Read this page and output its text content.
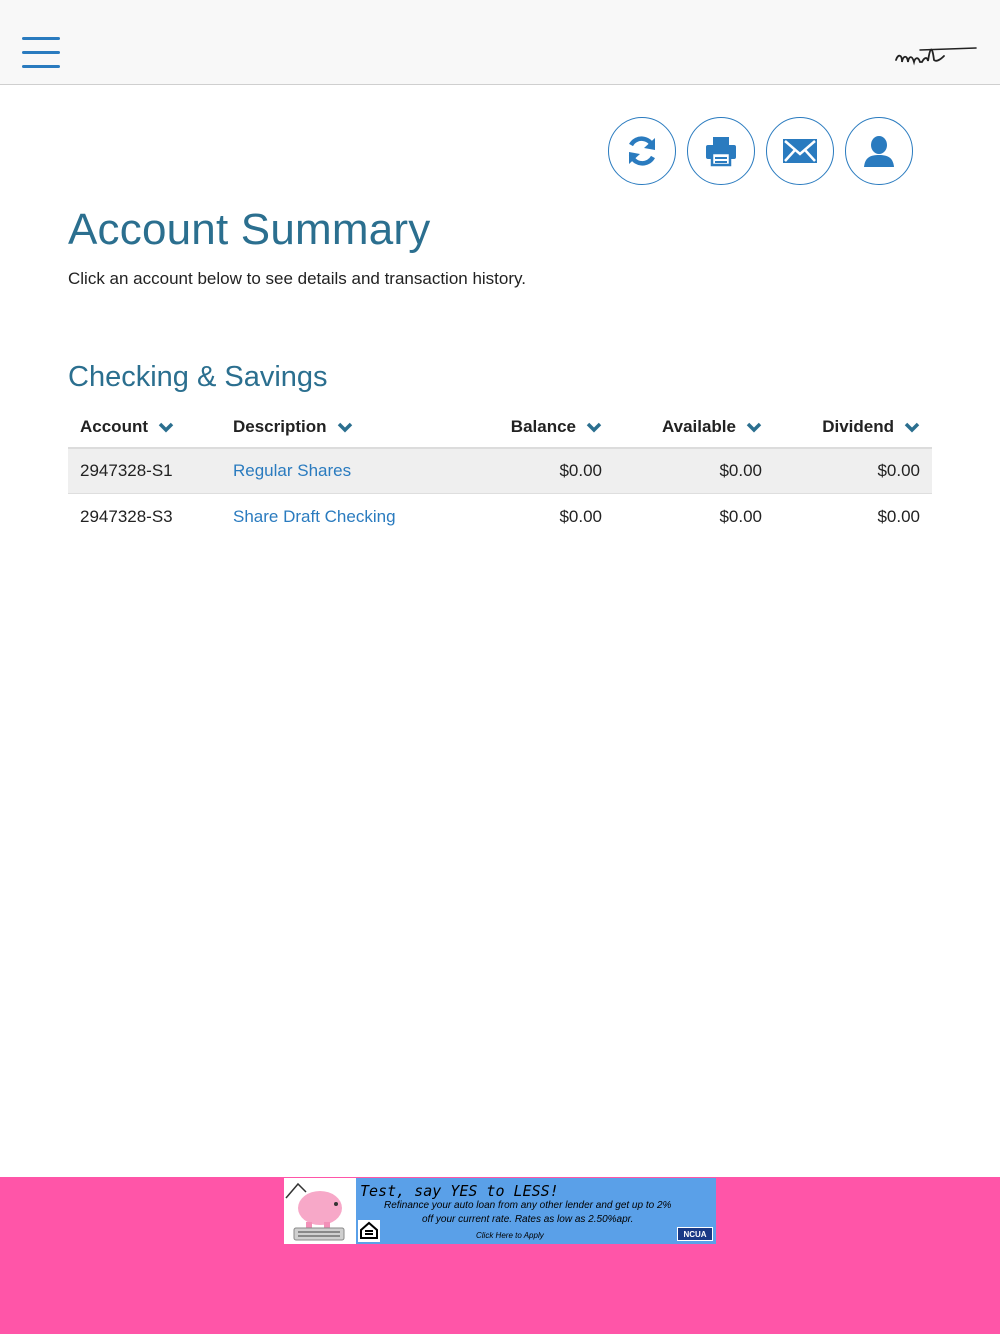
Account Summary

Click an account below to see details and transaction history.

Checking & Savings
Account	Description	Balance	Available	Dividend
2947328-S1	Regular Shares	$0.00	$0.00	$0.00
2947328-S3	Share Draft Checking	$0.00	$0.00	$0.00
Test, say YES to LESS!
Refinance your auto loan from any other lender and get up to 2%
off your current rate. Rates as low as 2.50%apr.
Click Here to Apply	NCUA
